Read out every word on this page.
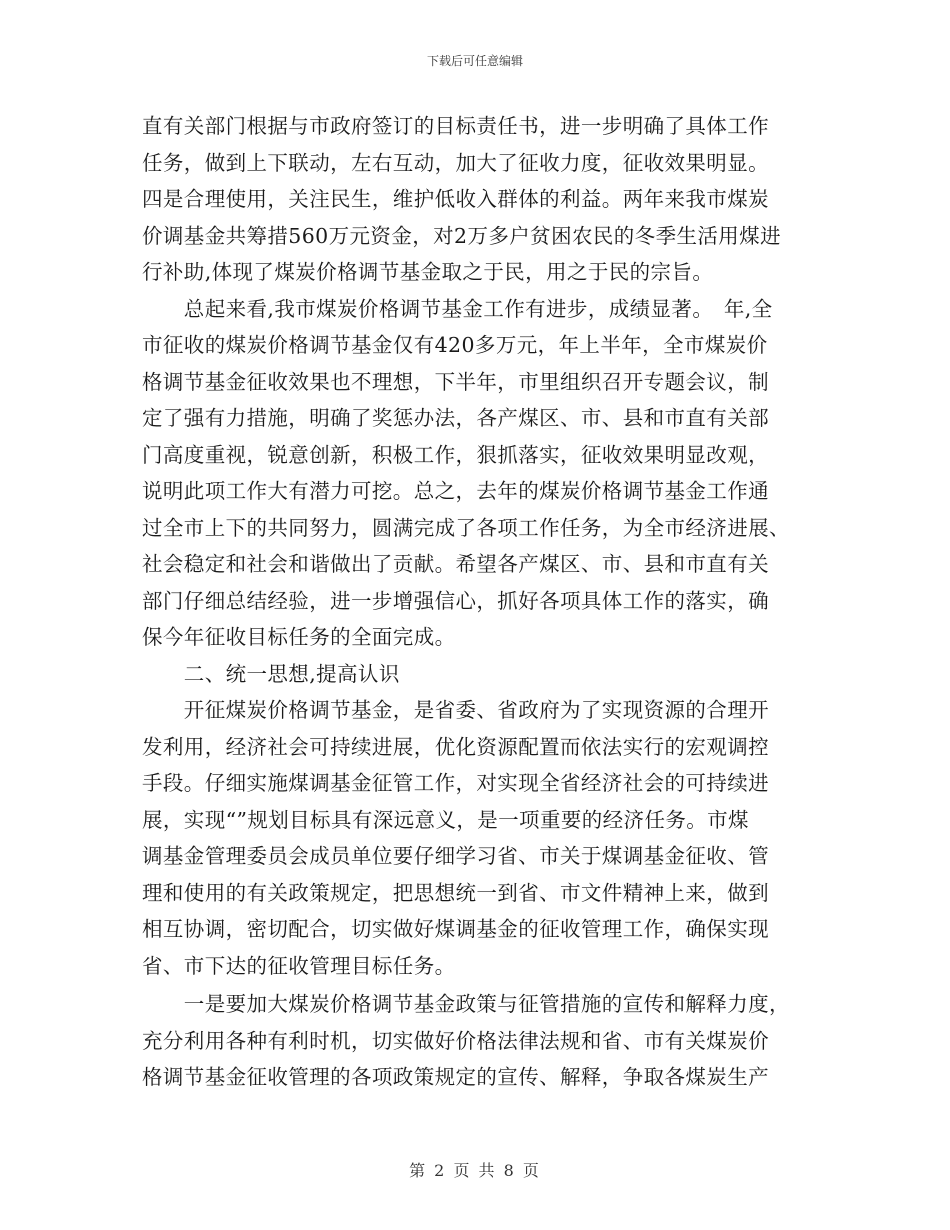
下载后可任意编辑
直有关部门根据与市政府签订的目标责任书，进一步明确了具体工作
任务，做到上下联动，左右互动，加大了征收力度，征收效果明显。
四是合理使用，关注民生，维护低收入群体的利益。两年来我市煤炭
价调基金共筹措560万元资金，对2万多户贫困农民的冬季生活用煤进
行补助,体现了煤炭价格调节基金取之于民，用之于民的宗旨。
　　总起来看,我市煤炭价格调节基金工作有进步，成绩显著。　年,全
市征收的煤炭价格调节基金仅有420多万元，年上半年，全市煤炭价
格调节基金征收效果也不理想，下半年，市里组织召开专题会议，制
定了强有力措施，明确了奖惩办法，各产煤区、市、县和市直有关部
门高度重视，锐意创新，积极工作，狠抓落实，征收效果明显改观，
说明此项工作大有潜力可挖。总之，去年的煤炭价格调节基金工作通
过全市上下的共同努力，圆满完成了各项工作任务，为全市经济进展、
社会稳定和社会和谐做出了贡献。希望各产煤区、市、县和市直有关
部门仔细总结经验，进一步增强信心，抓好各项具体工作的落实，确
保今年征收目标任务的全面完成。
　　二、统一思想,提高认识
　　开征煤炭价格调节基金，是省委、省政府为了实现资源的合理开
发利用，经济社会可持续进展，优化资源配置而依法实行的宏观调控
手段。仔细实施煤调基金征管工作，对实现全省经济社会的可持续进
展，实现“”规划目标具有深远意义，是一项重要的经济任务。市煤
调基金管理委员会成员单位要仔细学习省、市关于煤调基金征收、管
理和使用的有关政策规定，把思想统一到省、市文件精神上来，做到
相互协调，密切配合，切实做好煤调基金的征收管理工作，确保实现
省、市下达的征收管理目标任务。
　　一是要加大煤炭价格调节基金政策与征管措施的宣传和解释力度，
充分利用各种有利时机，切实做好价格法律法规和省、市有关煤炭价
格调节基金征收管理的各项政策规定的宣传、解释，争取各煤炭生产
第 2 页 共 8 页
